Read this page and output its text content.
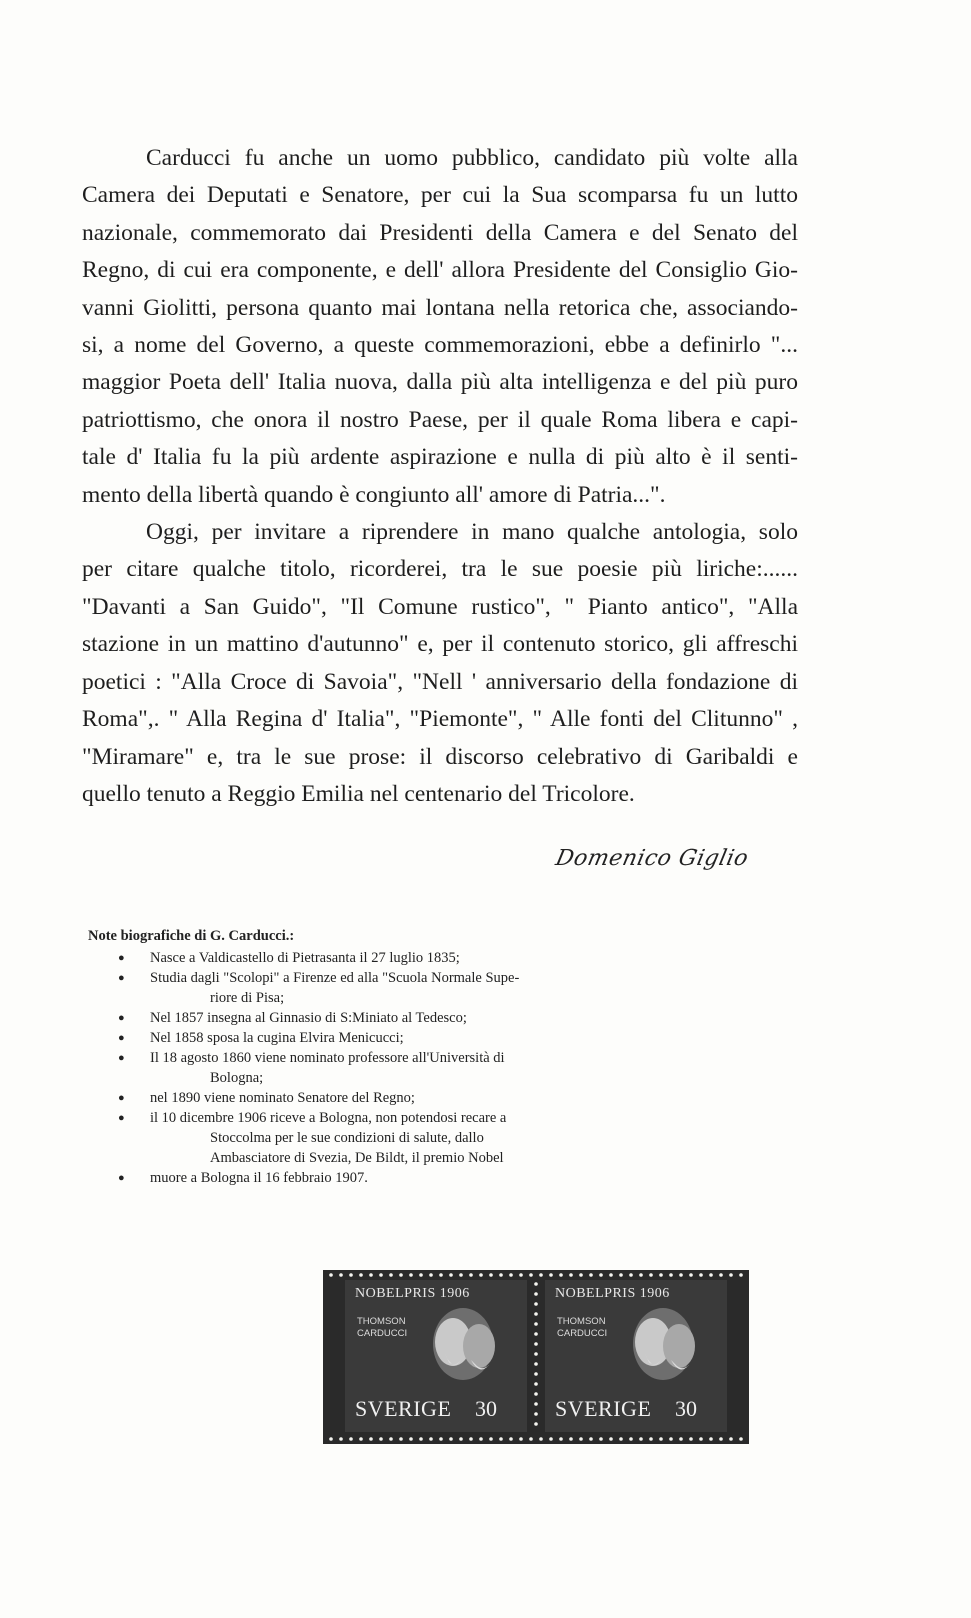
Carducci fu anche un uomo pubblico, candidato più volte alla
Camera dei Deputati e Senatore, per cui la Sua scomparsa fu un lutto
nazionale, commemorato dai Presidenti della Camera e del Senato del
Regno, di cui era componente, e dell' allora Presidente del Consiglio Gio-
vanni Giolitti, persona quanto mai lontana nella retorica che, associando-
si, a nome del Governo, a queste commemorazioni, ebbe a definirlo "...
maggior Poeta dell' Italia nuova, dalla più alta intelligenza e del più puro
patriottismo, che onora il nostro Paese, per il quale Roma libera e capi-
tale d' Italia fu la più ardente aspirazione e nulla di più alto è il senti-
mento della libertà quando è congiunto all' amore di Patria...".
Oggi, per invitare a riprendere in mano qualche antologia, solo
per citare qualche titolo, ricorderei, tra le sue poesie più liriche:......
"Davanti a San Guido", "Il Comune rustico", " Pianto antico", "Alla
stazione in un mattino d'autunno" e, per il contenuto storico, gli affreschi
poetici : "Alla Croce di Savoia", "Nell ' anniversario della fondazione di
Roma",. " Alla Regina d' Italia", "Piemonte", " Alle fonti del Clitunno" ,
"Miramare" e, tra le sue prose: il discorso celebrativo di Garibaldi e
quello tenuto a Reggio Emilia nel centenario del Tricolore.
Domenico Giglio
Note biografiche di G. Carducci.:
● Nasce a Valdicastello di Pietrasanta il 27 luglio 1835;
● Studia dagli "Scolopi" a Firenze ed alla "Scuola Normale Supe-
riore di Pisa;
● Nel 1857 insegna al Ginnasio di S:Miniato al Tedesco;
● Nel 1858 sposa la cugina Elvira Menicucci;
● Il 18 agosto 1860 viene nominato professore all'Università di
Bologna;
● nel 1890 viene nominato Senatore del Regno;
● il 10 dicembre 1906 riceve a Bologna, non potendosi recare a
Stoccolma per le sue condizioni di salute, dallo
Ambasciatore di Svezia, De Bildt, il premio Nobel
● muore a Bologna il 16 febbraio 1907.
NOBELPRIS 1906
THOMSON
CARDUCCI
SVERIGE 30
NOBELPRIS 1906
THOMSON
CARDUCCI
SVERIGE 30
